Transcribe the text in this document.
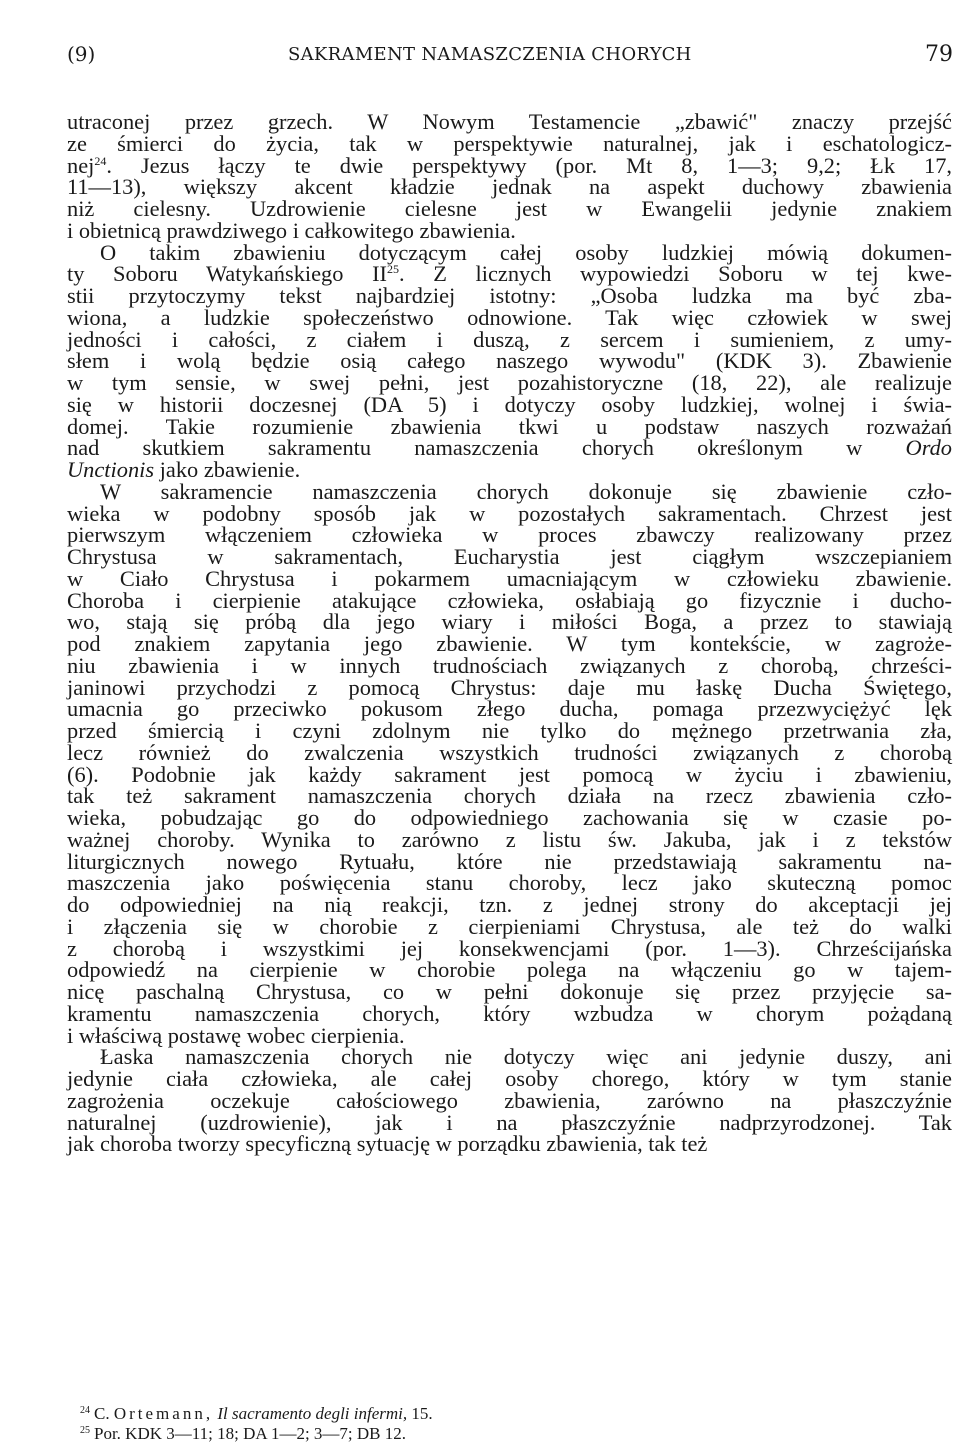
(9)	SAKRAMENT NAMASZCZENIA CHORYCH	79
utraconej przez grzech. W Nowym Testamencie „zbawić" znaczy przejść
ze śmierci do życia, tak w perspektywie naturalnej, jak i eschatologicz-
nej$^{24}$. Jezus łączy te dwie perspektywy (por. Mt 8, 1—3; 9,2; Łk 17,
11—13), większy akcent kładzie jednak na aspekt duchowy zbawienia
niż cielesny. Uzdrowienie cielesne jest w Ewangelii jedynie znakiem
i obietnicą prawdziwego i całkowitego zbawienia.
O takim zbawieniu dotyczącym całej osoby ludzkiej mówią dokumen-
ty Soboru Watykańskiego II$^{25}$. Z licznych wypowiedzi Soboru w tej kwe-
stii przytoczymy tekst najbardziej istotny: „Osoba ludzka ma być zba-
wiona, a ludzkie społeczeństwo odnowione. Tak więc człowiek w swej
jedności i całości, z ciałem i duszą, z sercem i sumieniem, z umy-
słem i wolą będzie osią całego naszego wywodu" (KDK 3). Zbawienie
w tym sensie, w swej pełni, jest pozahistoryczne (18, 22), ale realizuje
się w historii doczesnej (DA 5) i dotyczy osoby ludzkiej, wolnej i świa-
domej. Takie rozumienie zbawienia tkwi u podstaw naszych rozważań
nad skutkiem sakramentu namaszczenia chorych określonym w Ordo
Unctionis jako zbawienie.
W sakramencie namaszczenia chorych dokonuje się zbawienie czło-
wieka w podobny sposób jak w pozostałych sakramentach. Chrzest jest
pierwszym włączeniem człowieka w proces zbawczy realizowany przez
Chrystusa w sakramentach, Eucharystia jest ciągłym wszczepianiem
w Ciało Chrystusa i pokarmem umacniającym w człowieku zbawienie.
Choroba i cierpienie atakujące człowieka, osłabiają go fizycznie i ducho-
wo, stają się próbą dla jego wiary i miłości Boga, a przez to stawiają
pod znakiem zapytania jego zbawienie. W tym kontekście, w zagroże-
niu zbawienia i w innych trudnościach związanych z chorobą, chrześci-
janinowi przychodzi z pomocą Chrystus: daje mu łaskę Ducha Świętego,
umacnia go przeciwko pokusom złego ducha, pomaga przezwyciężyć lęk
przed śmiercią i czyni zdolnym nie tylko do mężnego przetrwania zła,
lecz również do zwalczenia wszystkich trudności związanych z chorobą
(6). Podobnie jak każdy sakrament jest pomocą w życiu i zbawieniu,
tak też sakrament namaszczenia chorych działa na rzecz zbawienia czło-
wieka, pobudzając go do odpowiedniego zachowania się w czasie po-
ważnej choroby. Wynika to zarówno z listu św. Jakuba, jak i z tekstów
liturgicznych nowego Rytuału, które nie przedstawiają sakramentu na-
maszczenia jako poświęcenia stanu choroby, lecz jako skuteczną pomoc
do odpowiedniej na nią reakcji, tzn. z jednej strony do akceptacji jej
i złączenia się w chorobie z cierpieniami Chrystusa, ale też do walki
z chorobą i wszystkimi jej konsekwencjami (por. 1—3). Chrześcijańska
odpowiedź na cierpienie w chorobie polega na włączeniu go w tajem-
nicę paschalną Chrystusa, co w pełni dokonuje się przez przyjęcie sa-
kramentu namaszczenia chorych, który wzbudza w chorym pożądaną
i właściwą postawę wobec cierpienia.
Łaska namaszczenia chorych nie dotyczy więc ani jedynie duszy, ani
jedynie ciała człowieka, ale całej osoby chorego, który w tym stanie
zagrożenia oczekuje całościowego zbawienia, zarówno na płaszczyźnie
naturalnej (uzdrowienie), jak i na płaszczyźnie nadprzyrodzonej. Tak
jak choroba tworzy specyficzną sytuację w porządku zbawienia, tak też
$^{24}$ C. Ortemann, Il sacramento degli infermi, 15.
$^{25}$ Por. KDK 3—11; 18; DA 1—2; 3—7; DB 12.
